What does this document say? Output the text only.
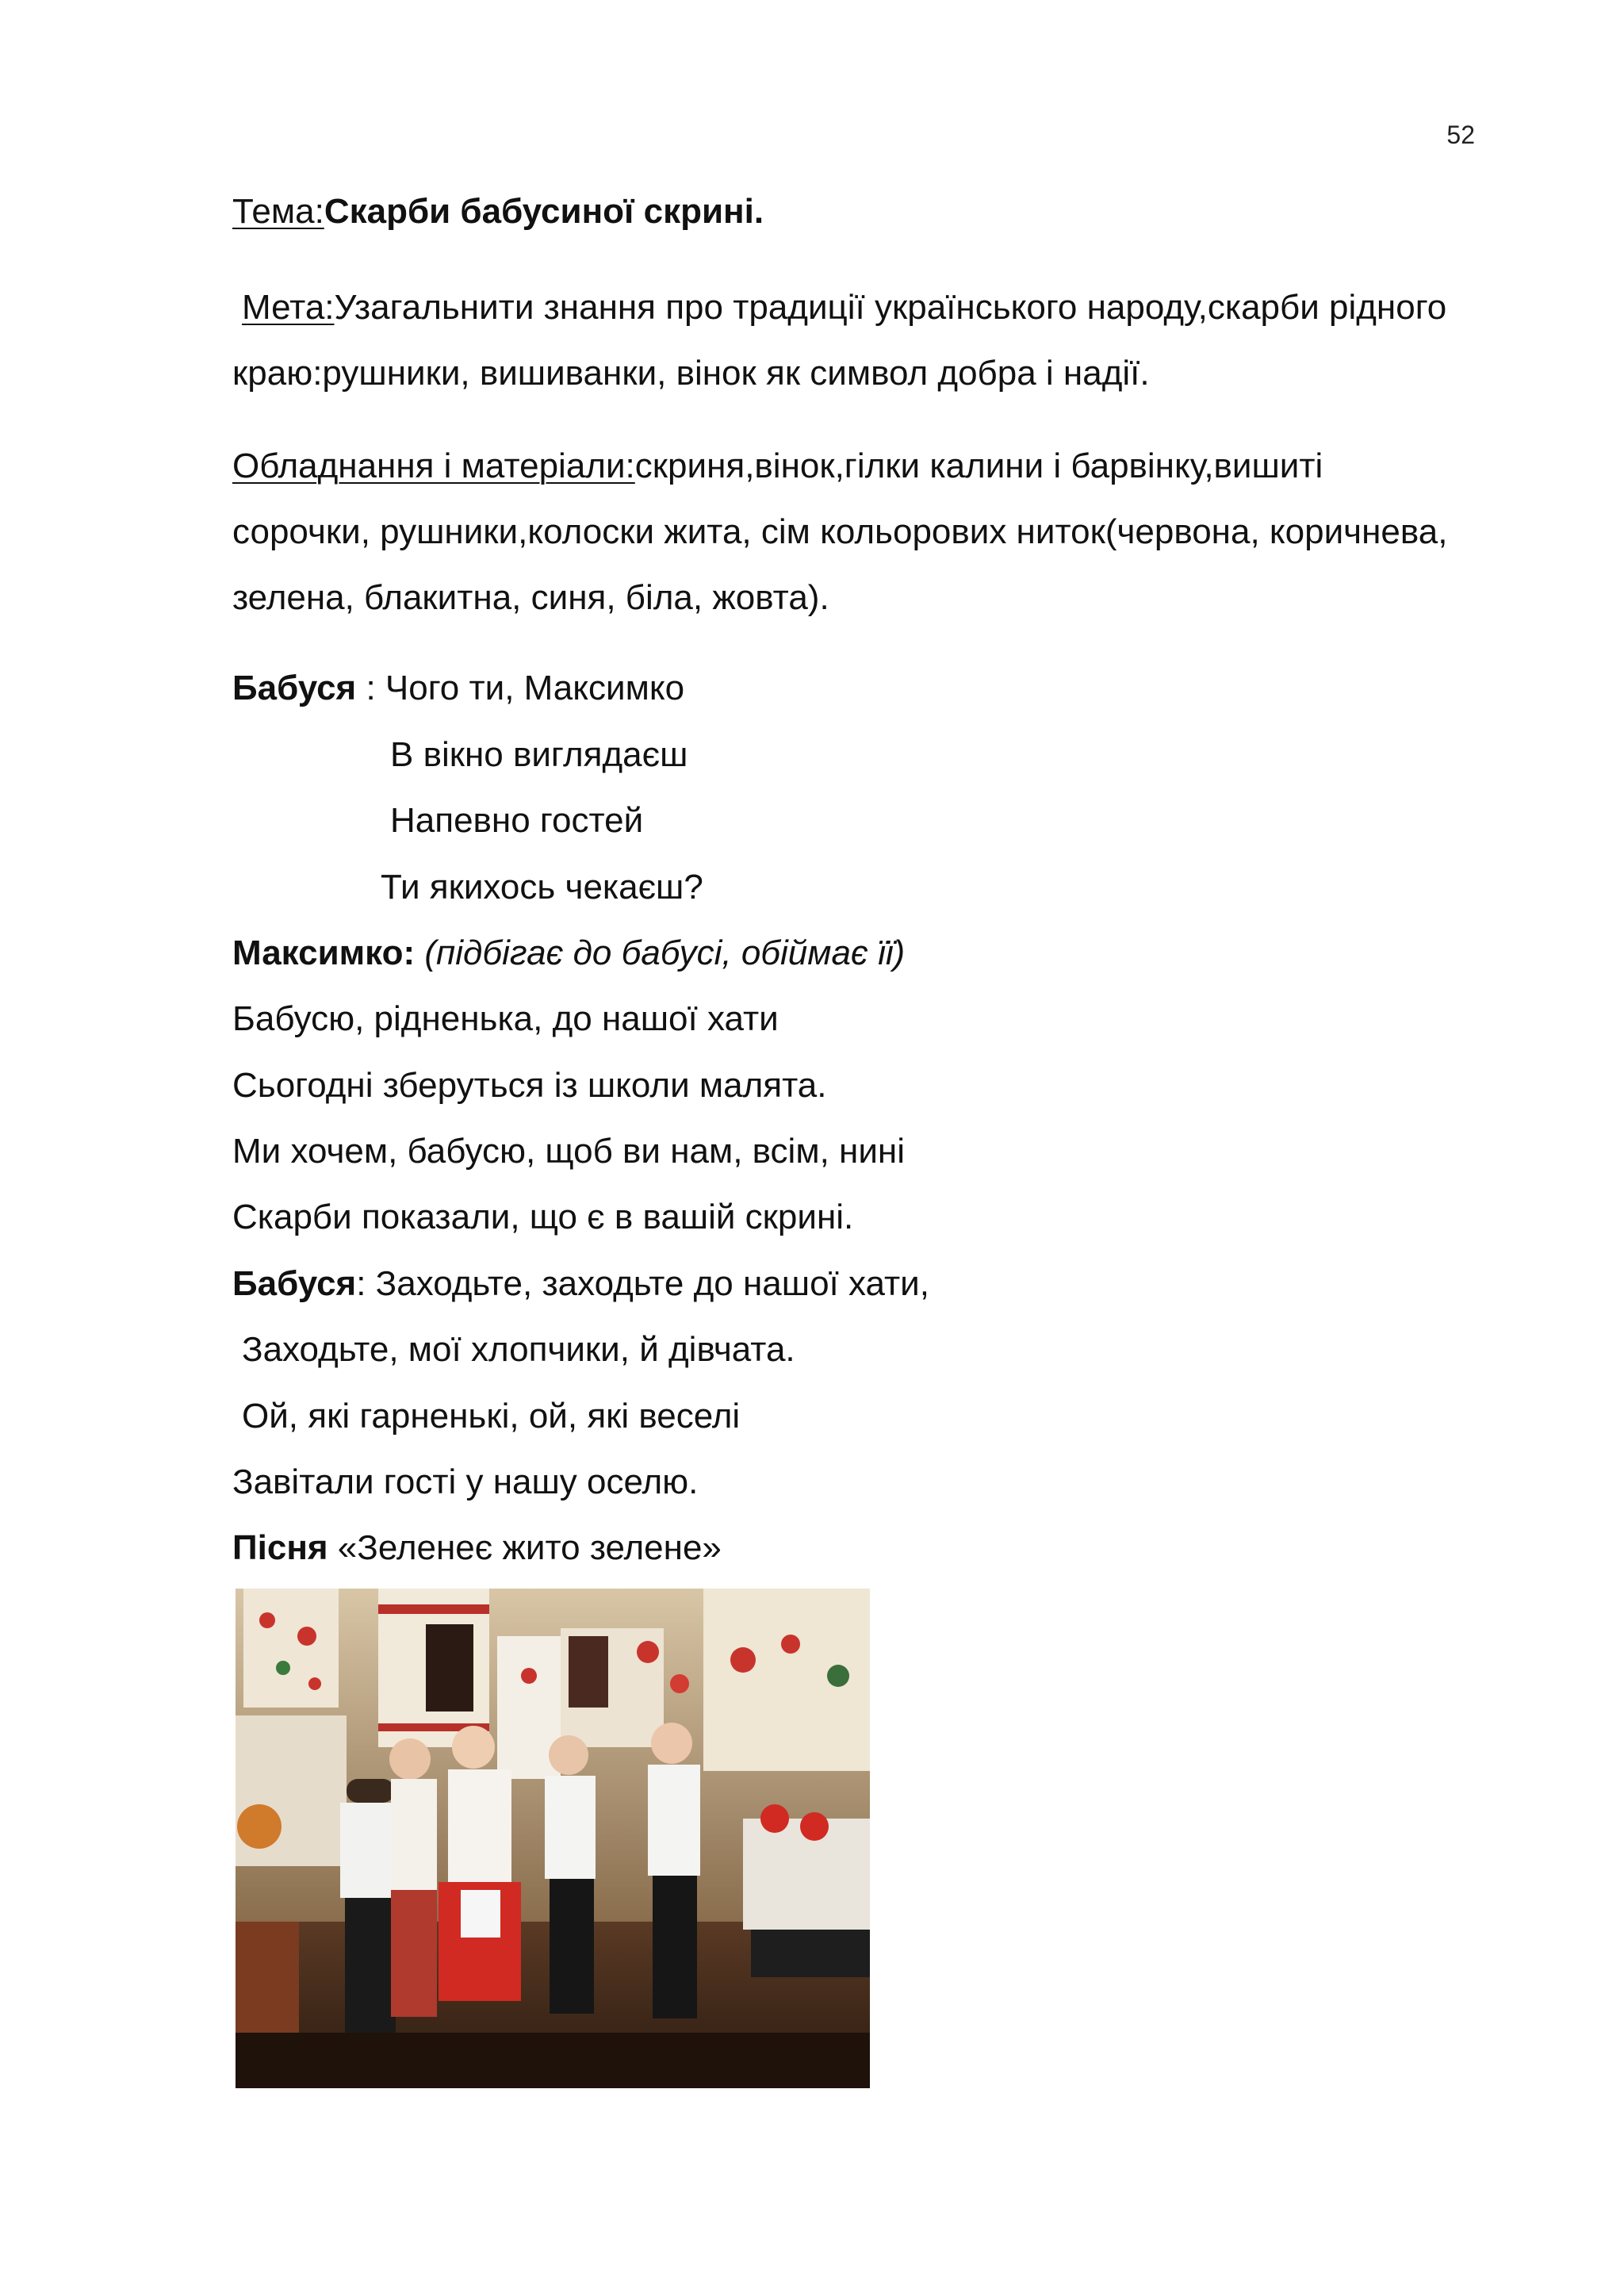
52
Тема:Скарби бабусиної скрині.
Мета:Узагальнити знання про традиції українського народу,скарби рідного краю:рушники, вишиванки, вінок як символ добра і надії.
Обладнання і матеріали:скриня,вінок,гілки калини і барвінку,вишиті сорочки, рушники,колоски жита, сім кольорових ниток(червона, коричнева, зелена, блакитна, синя, біла, жовта).
Бабуся : Чого ти, Максимко
В вікно виглядаєш
Напевно гостей
Ти якихось чекаєш?
Максимко: (підбігає до бабусі, обіймає її)
Бабусю, рідненька, до нашої хати
Сьогодні зберуться із школи малята.
Ми хочем, бабусю, щоб ви нам, всім, нині
Скарби показали, що є в вашій скрині.
Бабуся: Заходьте, заходьте до нашої хати,
Заходьте, мої хлопчики, й дівчата.
Ой, які гарненькі, ой, які веселі
Завітали гості у нашу оселю.
Пісня «Зеленеє жито зелене»
